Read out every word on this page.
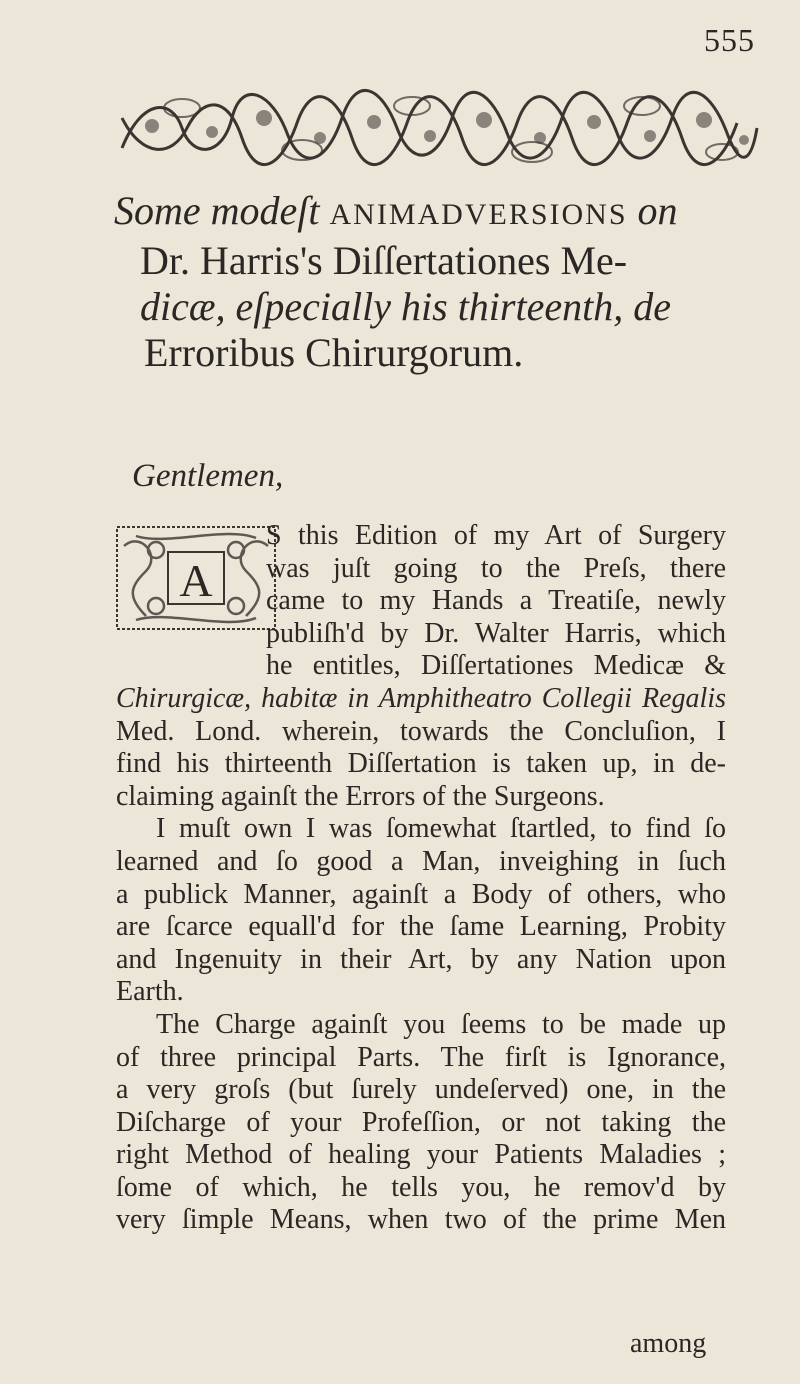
555
Some modeſt ANIMADVERSIONS on
Dr. Harris's Diſſertationes Me-
dicæ, eſpecially his thirteenth, de
Erroribus Chirurgorum.
Gentlemen,
A

S this Edition of my Art of Surgery
was juſt going to the Preſs, there
came to my Hands a Treatiſe, newly
publiſh'd by Dr. Walter Harris, which
he entitles, Diſſertationes Medicæ &
Chirurgicæ, habitæ in Amphitheatro Collegii Regalis
Med. Lond. wherein, towards the Concluſion, I
find his thirteenth Diſſertation is taken up, in de-
claiming againſt the Errors of the Surgeons.

I muſt own I was ſomewhat ſtartled, to find ſo
learned and ſo good a Man, inveighing in ſuch
a publick Manner, againſt a Body of others, who
are ſcarce equall'd for the ſame Learning, Probity
and Ingenuity in their Art, by any Nation upon
Earth.

The Charge againſt you ſeems to be made up
of three principal Parts. The firſt is Ignorance,
a very groſs (but ſurely undeſerved) one, in the
Diſcharge of your Profeſſion, or not taking the
right Method of healing your Patients Maladies ;
ſome of which, he tells you, he remov'd by
very ſimple Means, when two of the prime Men

among
